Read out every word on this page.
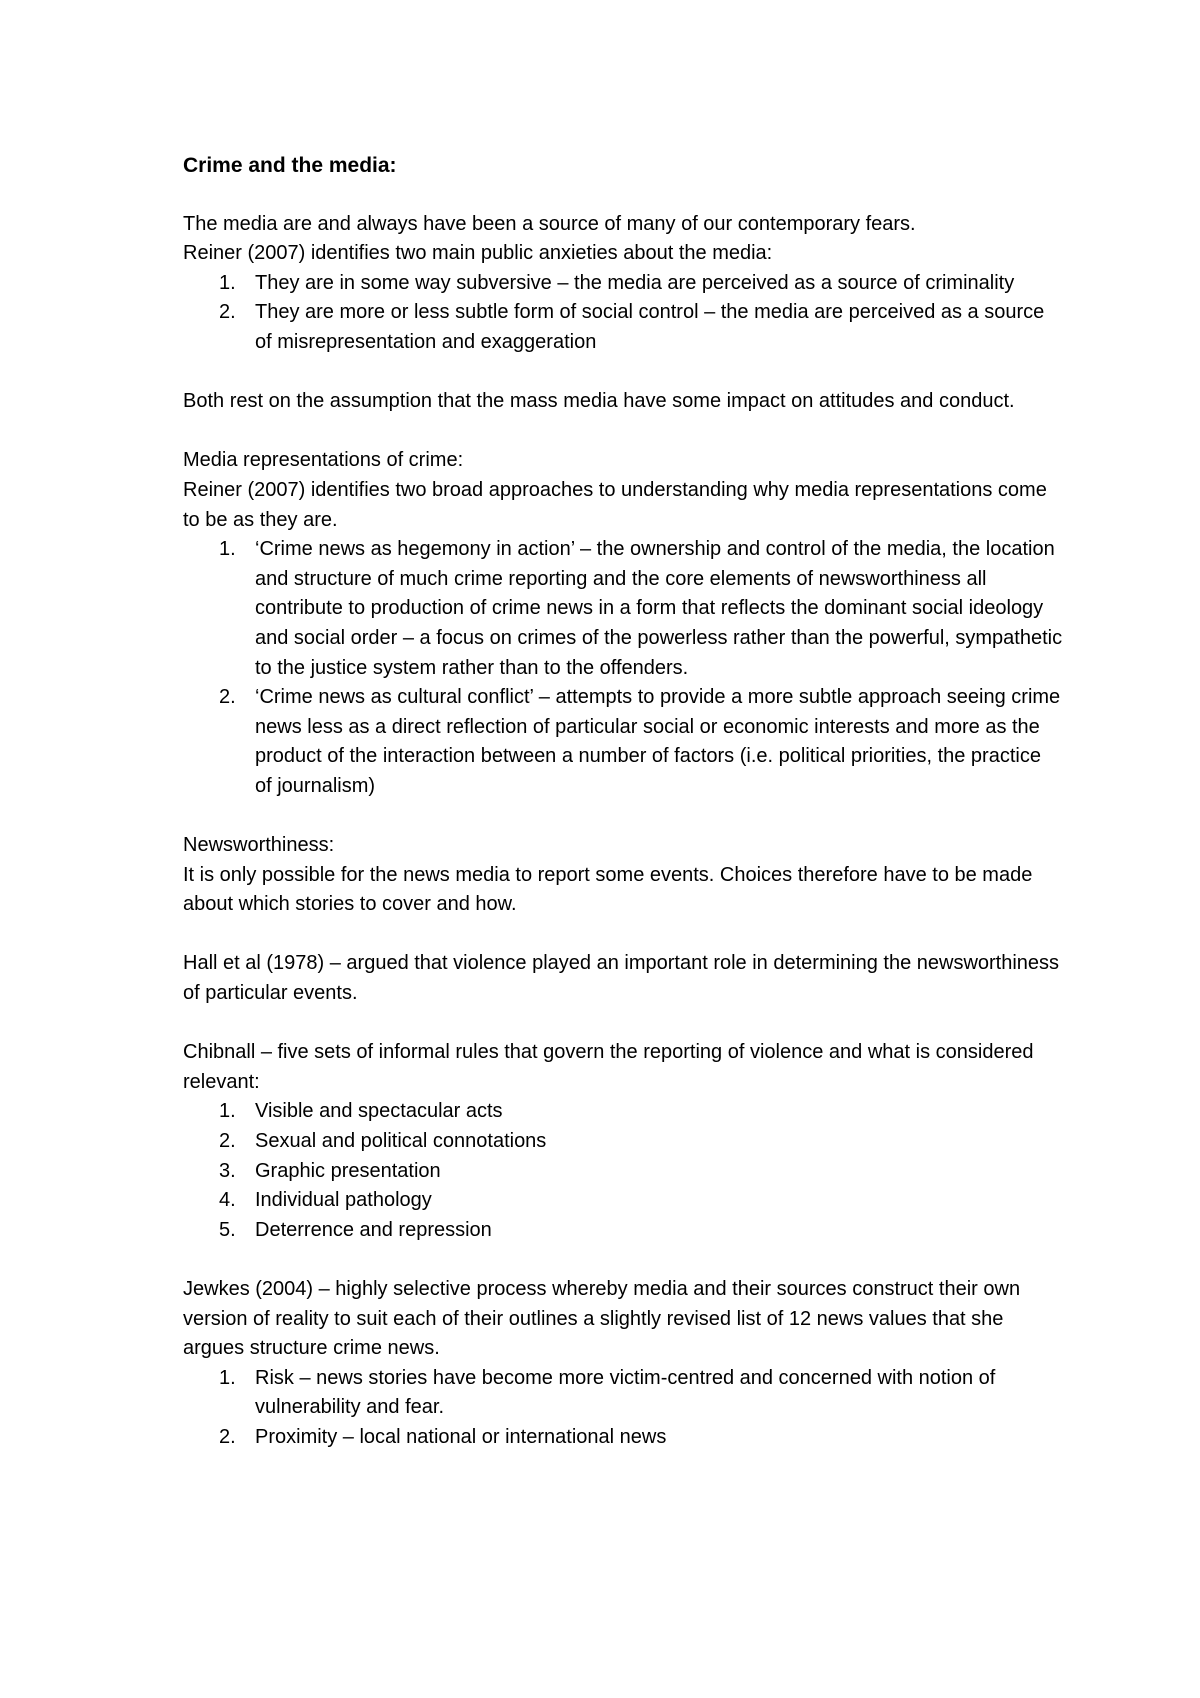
Crime and the media:

The media are and always have been a source of many of our contemporary fears.

Reiner (2007) identifies two main public anxieties about the media:

1. They are in some way subversive – the media are perceived as a source of criminality
2. They are more or less subtle form of social control – the media are perceived as a source of misrepresentation and exaggeration

Both rest on the assumption that the mass media have some impact on attitudes and conduct.

Media representations of crime:

Reiner (2007) identifies two broad approaches to understanding why media representations come to be as they are.

1. ‘Crime news as hegemony in action’ – the ownership and control of the media, the location and structure of much crime reporting and the core elements of newsworthiness all contribute to production of crime news in a form that reflects the dominant social ideology and social order – a focus on crimes of the powerless rather than the powerful, sympathetic to the justice system rather than to the offenders.
2. ‘Crime news as cultural conflict’ – attempts to provide a more subtle approach seeing crime news less as a direct reflection of particular social or economic interests and more as the product of the interaction between a number of factors (i.e. political priorities, the practice of journalism)

Newsworthiness:

It is only possible for the news media to report some events. Choices therefore have to be made about which stories to cover and how.

Hall et al (1978) – argued that violence played an important role in determining the newsworthiness of particular events.

Chibnall – five sets of informal rules that govern the reporting of violence and what is considered relevant:

1. Visible and spectacular acts
2. Sexual and political connotations
3. Graphic presentation
4. Individual pathology
5. Deterrence and repression

Jewkes (2004) – highly selective process whereby media and their sources construct their own version of reality to suit each of their outlines a slightly revised list of 12 news values that she argues structure crime news.

1. Risk – news stories have become more victim-centred and concerned with notion of vulnerability and fear.
2. Proximity – local national or international news
